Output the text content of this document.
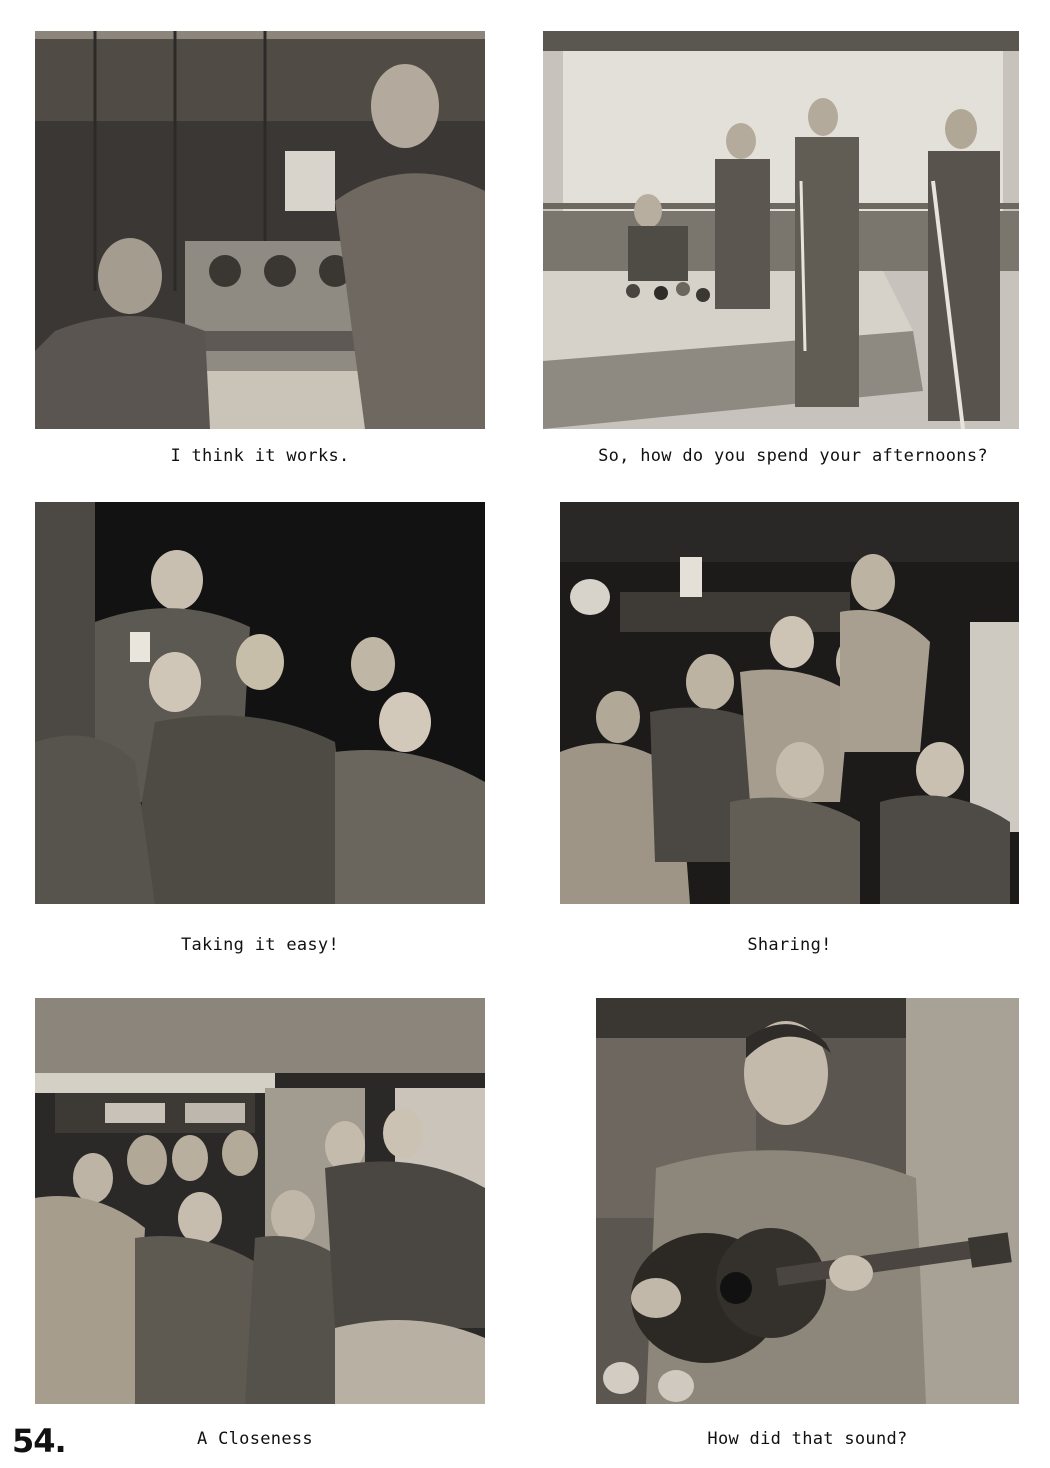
I think it works.	So, how do you spend your afternoons?
Taking it easy!	Sharing!
A Closeness	How did that sound?
54.
